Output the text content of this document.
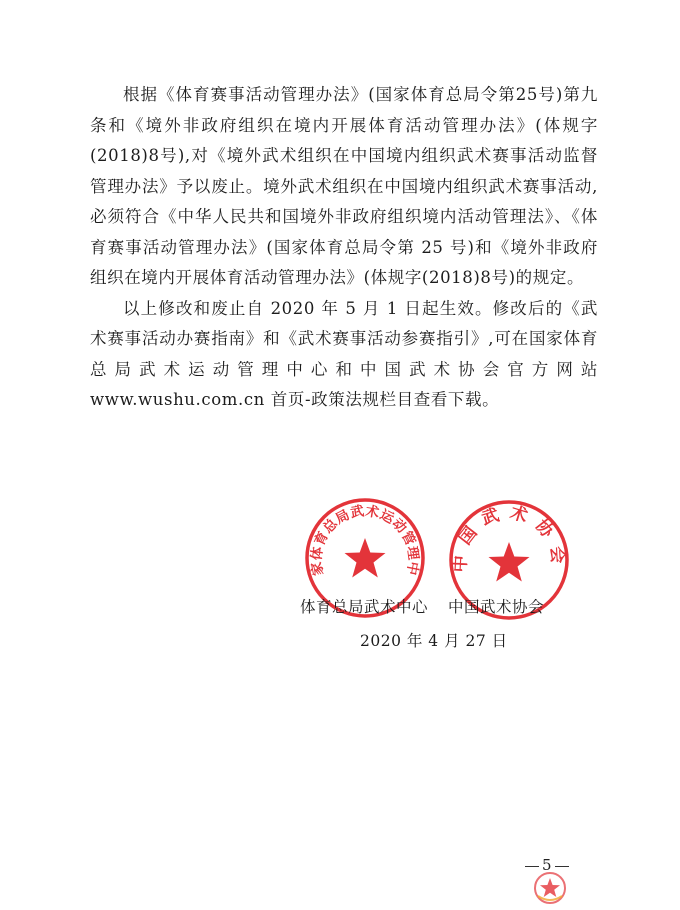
根据《体育赛事活动管理办法》(国家体育总局令第25号)第九条和《境外非政府组织在境内开展体育活动管理办法》(体规字(2018)8号),对《境外武术组织在中国境内组织武术赛事活动监督管理办法》予以废止。境外武术组织在中国境内组织武术赛事活动,必须符合《中华人民共和国境外非政府组织境内活动管理法》、《体育赛事活动管理办法》(国家体育总局令第 25 号)和《境外非政府组织在境内开展体育活动管理办法》(体规字(2018)8号)的规定。

以上修改和废止自 2020 年 5 月 1 日起生效。修改后的《武术赛事活动办赛指南》和《武术赛事活动参赛指引》,可在国家体育总局武术运动管理中心和中国武术协会官方网站 www.wushu.com.cn 首页-政策法规栏目查看下载。

家体育总局武术运动管理中 中国武术协会
体育总局武术中心 中国武术协会
2020 年 4 月 27 日
5
